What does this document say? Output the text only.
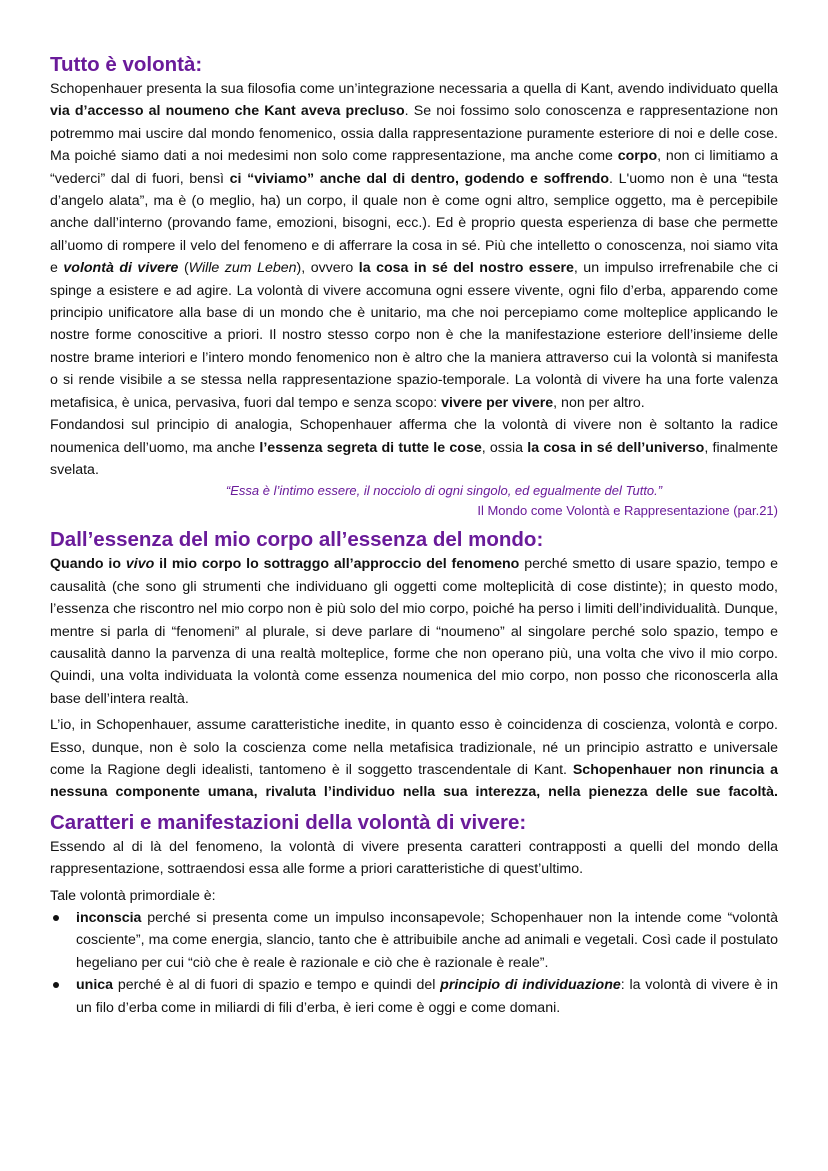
Tutto è volontà:

Schopenhauer presenta la sua filosofia come un’integrazione necessaria a quella di Kant, avendo individuato quella via d’accesso al noumeno che Kant aveva precluso. Se noi fossimo solo conoscenza e rappresentazione non potremmo mai uscire dal mondo fenomenico, ossia dalla rappresentazione puramente esteriore di noi e delle cose. Ma poiché siamo dati a noi medesimi non solo come rappresentazione, ma anche come corpo, non ci limitiamo a “vederci” dal di fuori, bensì ci “viviamo” anche dal di dentro, godendo e soffrendo. L'uomo non è una “testa d’angelo alata”, ma è (o meglio, ha) un corpo, il quale non è come ogni altro, semplice oggetto, ma è percepibile anche dall’interno (provando fame, emozioni, bisogni, ecc.). Ed è proprio questa esperienza di base che permette all’uomo di rompere il velo del fenomeno e di afferrare la cosa in sé. Più che intelletto o conoscenza, noi siamo vita e volontà di vivere (Wille zum Leben), ovvero la cosa in sé del nostro essere, un impulso irrefrenabile che ci spinge a esistere e ad agire. La volontà di vivere accomuna ogni essere vivente, ogni filo d’erba, apparendo come principio unificatore alla base di un mondo che è unitario, ma che noi percepiamo come molteplice applicando le nostre forme conoscitive a priori. Il nostro stesso corpo non è che la manifestazione esteriore dell’insieme delle nostre brame interiori e l’intero mondo fenomenico non è altro che la maniera attraverso cui la volontà si manifesta o si rende visibile a se stessa nella rappresentazione spazio-temporale. La volontà di vivere ha una forte valenza metafisica, è unica, pervasiva, fuori dal tempo e senza scopo: vivere per vivere, non per altro.

Fondandosi sul principio di analogia, Schopenhauer afferma che la volontà di vivere non è soltanto la radice noumenica dell’uomo, ma anche l’essenza segreta di tutte le cose, ossia la cosa in sé dell’universo, finalmente svelata.

“Essa è l’intimo essere, il nocciolo di ogni singolo, ed egualmente del Tutto.”

Il Mondo come Volontà e Rappresentazione (par.21)

Dall’essenza del mio corpo all’essenza del mondo:

Quando io vivo il mio corpo lo sottraggo all’approccio del fenomeno perché smetto di usare spazio, tempo e causalità (che sono gli strumenti che individuano gli oggetti come molteplicità di cose distinte); in questo modo, l’essenza che riscontro nel mio corpo non è più solo del mio corpo, poiché ha perso i limiti dell’individualità. Dunque, mentre si parla di “fenomeni” al plurale, si deve parlare di “noumeno” al singolare perché solo spazio, tempo e causalità danno la parvenza di una realtà molteplice, forme che non operano più, una volta che vivo il mio corpo. Quindi, una volta individuata la volontà come essenza noumenica del mio corpo, non posso che riconoscerla alla base dell’intera realtà.

L’io, in Schopenhauer, assume caratteristiche inedite, in quanto esso è coincidenza di coscienza, volontà e corpo. Esso, dunque, non è solo la coscienza come nella metafisica tradizionale, né un principio astratto e universale come la Ragione degli idealisti, tantomeno è il soggetto trascendentale di Kant. Schopenhauer non rinuncia a nessuna componente umana, rivaluta l’individuo nella sua interezza, nella pienezza delle sue facoltà.

Caratteri e manifestazioni della volontà di vivere:

Essendo al di là del fenomeno, la volontà di vivere presenta caratteri contrapposti a quelli del mondo della rappresentazione, sottraendosi essa alle forme a priori caratteristiche di quest’ultimo.

Tale volontà primordiale è:

inconscia perché si presenta come un impulso inconsapevole; Schopenhauer non la intende come “volontà cosciente”, ma come energia, slancio, tanto che è attribuibile anche ad animali e vegetali. Così cade il postulato hegeliano per cui “ciò che è reale è razionale e ciò che è razionale è reale”.
unica perché è al di fuori di spazio e tempo e quindi del principio di individuazione: la volontà di vivere è in un filo d’erba come in miliardi di fili d’erba, è ieri come è oggi e come domani.
